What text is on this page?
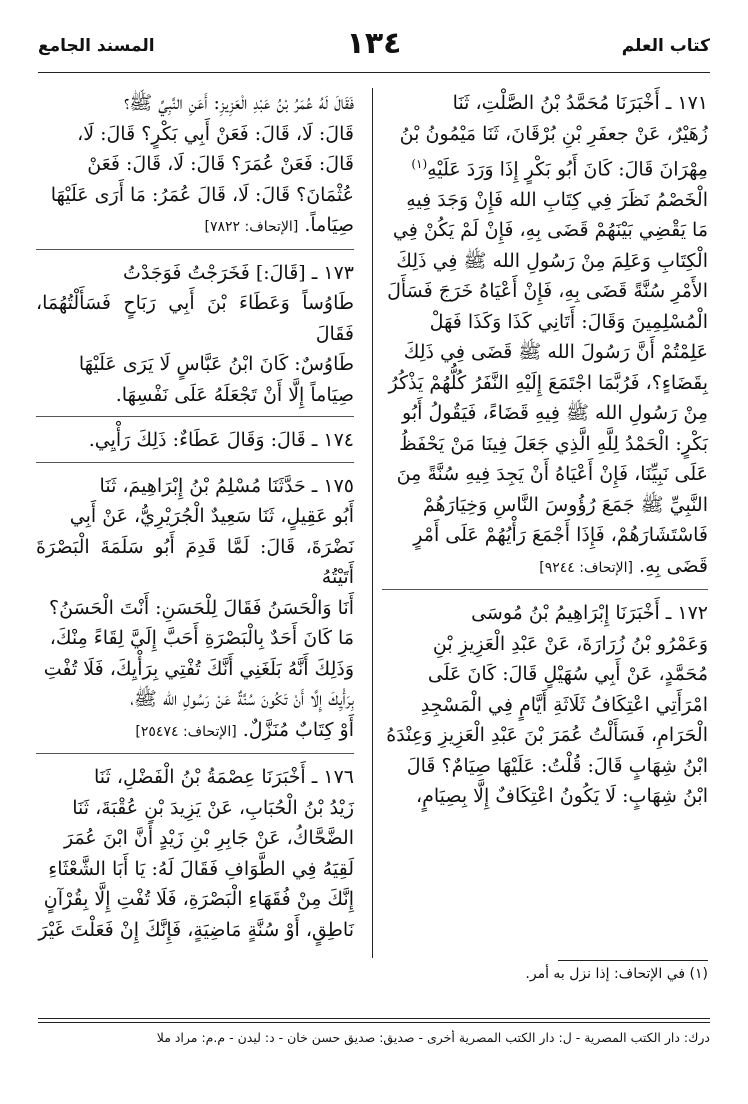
كتاب العلم
١٣٤
المسند الجامع

١٧١ ـ أَخْبَرَنَا مُحَمَّدُ بْنُ الصَّلْتِ، ثَنَا

زُهَيْرٌ، عَنْ جعفَرِ بْنِ بُرْقَانَ، ثَنَا مَيْمُونُ بْنُ

مِهْرَانَ قَالَ: كَانَ أَبُو بَكْرٍ إِذَا وَرَدَ عَلَيْهِ$^{(١)}$

الْخَصْمُ نَظَرَ فِي كِتَابِ الله فَإِنْ وَجَدَ فِيهِ

مَا يَقْضِي بَيْنَهُمْ قَضَى بِهِ، فَإِنْ لَمْ يَكُنْ فِي

الْكِتَابِ وَعَلِمَ مِنْ رَسُولِ الله ﷺ فِي ذَلِكَ

الأَمْرِ سُنَّةً قَضَى بِهِ، فَإِنْ أَعْيَاهُ خَرَجَ فَسَأَلَ

الْمُسْلِمِينَ وَقَالَ: أَتَانِي كَذَا وَكَذَا فَهَلْ

عَلِمْتُمْ أَنَّ رَسُولَ الله ﷺ قَضَى فِي ذَلِكَ

بِقَضَاءٍ؟، فَرُبَّمَا اجْتَمَعَ إِلَيْهِ النَّفَرُ كُلُّهُمْ يَذْكُرُ

مِنْ رَسُولِ الله ﷺ فِيهِ قَضَاءً، فَيَقُولُ أَبُو

بَكْرٍ: الْحَمْدُ لِلَّهِ الَّذِي جَعَلَ فِينَا مَنْ يَحْفَظُ

عَلَى نَبِيِّنَا، فَإِنْ أَعْيَاهُ أَنْ يَجِدَ فِيهِ سُنَّةً مِنَ

النَّبِيِّ ﷺ جَمَعَ رُؤُوسَ النَّاسِ وَخِيَارَهُمْ

فَاسْتَشَارَهُمْ، فَإِذَا أَجْمَعَ رَأْيُهُمْ عَلَى أَمْرٍ

قَضَى بِهِ. [الإتحاف: ٩٢٤٤]

١٧٢ ـ أَخْبَرَنَا إِبْرَاهِيمُ بْنُ مُوسَى

وَعَمْرُو بْنُ زُرَارَةَ، عَنْ عَبْدِ الْعَزِيزِ بْنِ

مُحَمَّدٍ، عَنْ أَبِي سُهَيْلٍ قَالَ: كَانَ عَلَى

امْرَأَتِي اعْتِكَافُ ثَلَاثَةِ أَيَّامٍ فِي الْمَسْجِدِ

الْحَرَامِ، فَسَأَلْتُ عُمَرَ بْنَ عَبْدِ الْعَزِيزِ وَعِنْدَهُ

ابْنُ شِهَابٍ قَالَ: قُلْتُ: عَلَيْهَا صِيَامٌ؟ قَالَ

ابْنُ شِهَابٍ: لَا يَكُونُ اعْتِكَافٌ إِلَّا بِصِيَامٍ،

فَقَالَ لَهُ عُمَرُ بْنُ عَبْدِ الْعَزِيزِ: أَعَنِ النَّبِيِّ ﷺ؟

قَالَ: لَا، قَالَ: فَعَنْ أَبِي بَكْرٍ؟ قَالَ: لَا،

قَالَ: فَعَنْ عُمَرَ؟ قَالَ: لَا، قَالَ: فَعَنْ

عُثْمَانَ؟ قَالَ: لَا، قَالَ عُمَرُ: مَا أَرَى عَلَيْهَا

صِيَاماً. [الإتحاف: ٧٨٢٢]

١٧٣ ـ [قَالَ:] فَخَرَجْتُ فَوَجَدْتُ

طَاوُساً وَعَطَاءَ بْنَ أَبِي رَبَاحٍ فَسَأَلْتُهُمَا، فَقَالَ

طَاوُسٌ: كَانَ ابْنُ عَبَّاسٍ لَا يَرَى عَلَيْهَا

صِيَاماً إِلَّا أَنْ تَجْعَلَهُ عَلَى نَفْسِهَا.

١٧٤ ـ قَالَ: وَقَالَ عَطَاءٌ: ذَلِكَ رَأْيِي.

١٧٥ ـ حَدَّثَنَا مُسْلِمُ بْنُ إِبْرَاهِيمَ، ثَنَا

أَبُو عَقِيلٍ، ثَنَا سَعِيدٌ الْجُرَيْرِيُّ، عَنْ أَبِي

نَضْرَةَ، قَالَ: لَمَّا قَدِمَ أَبُو سَلَمَةَ الْبَصْرَةَ أَتَيْتُهُ

أَنَا وَالْحَسَنُ فَقَالَ لِلْحَسَنِ: أَنْتَ الْحَسَنُ؟

مَا كَانَ أَحَدٌ بِالْبَصْرَةِ أَحَبَّ إِلَيَّ لِقَاءً مِنْكَ،

وَذَلِكَ أَنَّهُ بَلَغَنِي أَنَّكَ تُفْتِي بِرَأْيِكَ، فَلَا تُفْتِ

بِرَأْيِكَ إِلَّا أَنْ تَكُونَ سُنَّةٌ عَنْ رَسُولِ الله ﷺ،

أَوْ كِتَابٌ مُنَزَّلٌ. [الإتحاف: ٢٥٤٧٤]

١٧٦ ـ أَخْبَرَنَا عِصْمَةُ بْنُ الْفَضْلِ، ثَنَا

زَيْدُ بْنُ الْحُبَابِ، عَنْ يَزِيدَ بْنِ عُقْبَةَ، ثَنَا

الضَّحَّاكُ، عَنْ جَابِرِ بْنِ زَيْدٍ أَنَّ ابْنَ عُمَرَ

لَقِيَهُ فِي الطَّوَافِ فَقَالَ لَهُ: يَا أَبَا الشَّعْثَاءِ

إِنَّكَ مِنْ فُقَهَاءِ الْبَصْرَةِ، فَلَا تُفْتِ إِلَّا بِقُرْآنٍ

نَاطِقٍ، أَوْ سُنَّةٍ مَاضِيَةٍ، فَإِنَّكَ إِنْ فَعَلْتَ غَيْرَ

(١) في الإتحاف: إذا نزل به أمر.
درك: دار الكتب المصرية - ل: دار الكتب المصرية أخرى - صديق: صديق حسن خان - د: ليدن - م.م: مراد ملا
